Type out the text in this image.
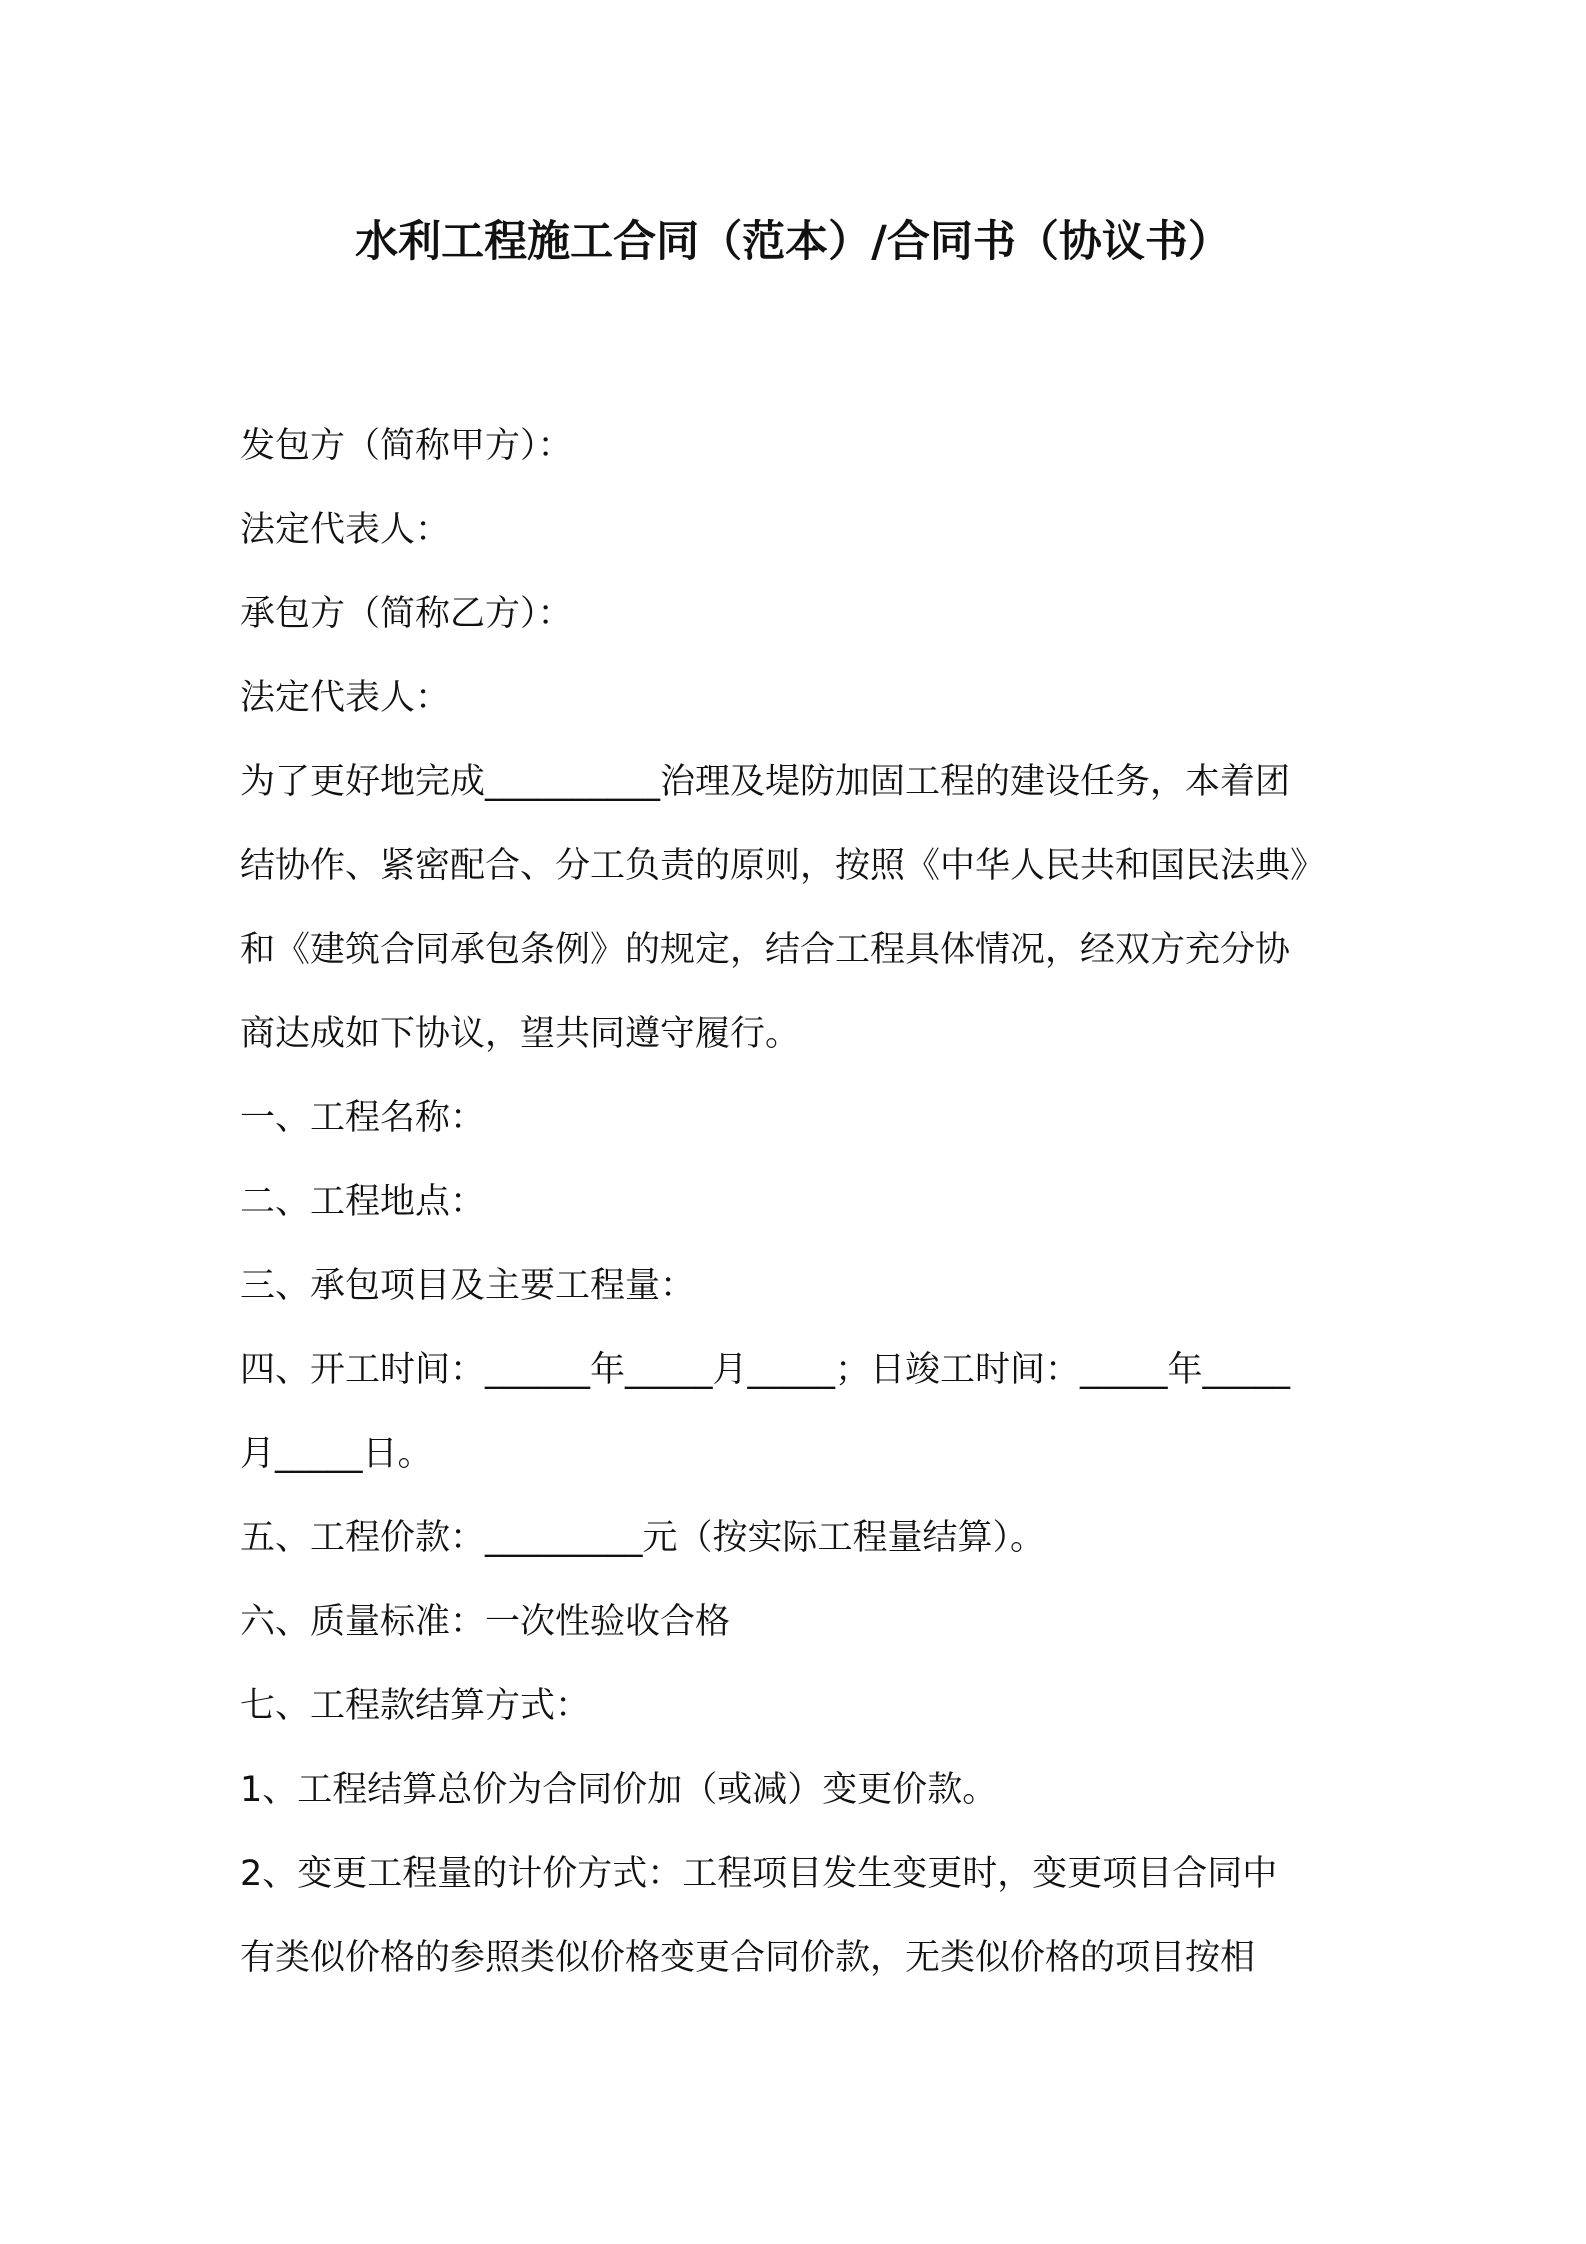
水利工程施工合同（范本）/合同书（协议书）
发包方（简称甲方）：
法定代表人：
承包方（简称乙方）：
法定代表人：
为了更好地完成__________治理及堤防加固工程的建设任务，本着团
结协作、紧密配合、分工负责的原则，按照《中华人民共和国民法典》
和《建筑合同承包条例》的规定，结合工程具体情况，经双方充分协
商达成如下协议，望共同遵守履行。
一、工程名称：
二、工程地点：
三、承包项目及主要工程量：
四、开工时间：______年_____月_____；日竣工时间：_____年_____
月_____日。
五、工程价款：_________元（按实际工程量结算）。
六、质量标准：一次性验收合格
七、工程款结算方式：
1、工程结算总价为合同价加（或减）变更价款。
2、变更工程量的计价方式：工程项目发生变更时，变更项目合同中
有类似价格的参照类似价格变更合同价款，无类似价格的项目按相
